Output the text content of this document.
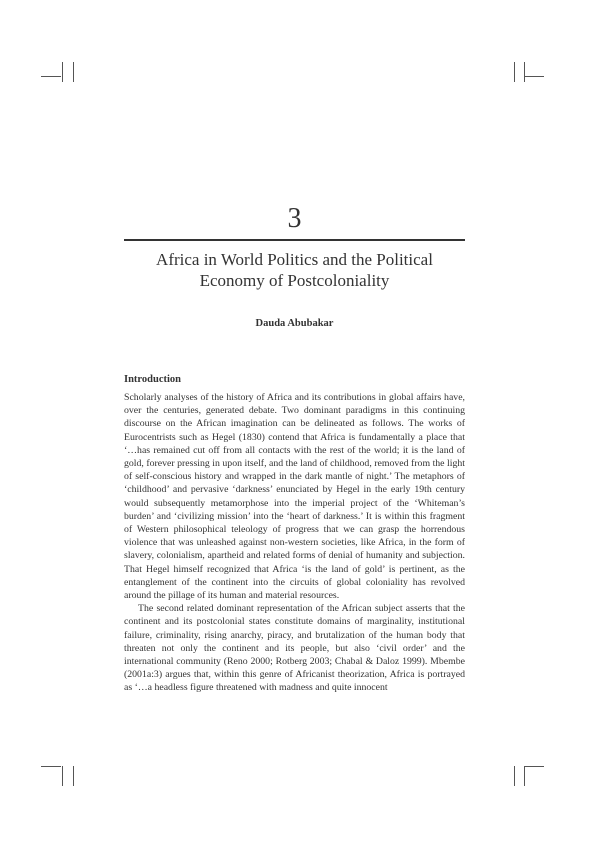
3
Africa in World Politics and the Political
Economy of Postcoloniality
Dauda Abubakar
Introduction

Scholarly analyses of the history of Africa and its contributions in global affairs have, over the centuries, generated debate. Two dominant paradigms in this continuing discourse on the African imagination can be delineated as follows. The works of Eurocentrists such as Hegel (1830) contend that Africa is fundamentally a place that ‘…has remained cut off from all contacts with the rest of the world; it is the land of gold, forever pressing in upon itself, and the land of childhood, removed from the light of self-conscious history and wrapped in the dark mantle of night.’ The metaphors of ‘childhood’ and pervasive ‘darkness’ enunciated by Hegel in the early 19th century would subsequently metamorphose into the imperial project of the ‘Whiteman’s burden’ and ‘civilizing mission’ into the ‘heart of darkness.’ It is within this fragment of Western philosophical teleology of progress that we can grasp the horrendous violence that was unleashed against non-western societies, like Africa, in the form of slavery, colonialism, apartheid and related forms of denial of humanity and subjection. That Hegel himself recognized that Africa ‘is the land of gold’ is pertinent, as the entanglement of the continent into the circuits of global coloniality has revolved around the pillage of its human and material resources.

The second related dominant representation of the African subject asserts that the continent and its postcolonial states constitute domains of marginality, institutional failure, criminality, rising anarchy, piracy, and brutalization of the human body that threaten not only the continent and its people, but also ‘civil order’ and the international community (Reno 2000; Rotberg 2003; Chabal & Daloz 1999). Mbembe (2001a:3) argues that, within this genre of Africanist theorization, Africa is portrayed as ‘…a headless figure threatened with madness and quite innocent
